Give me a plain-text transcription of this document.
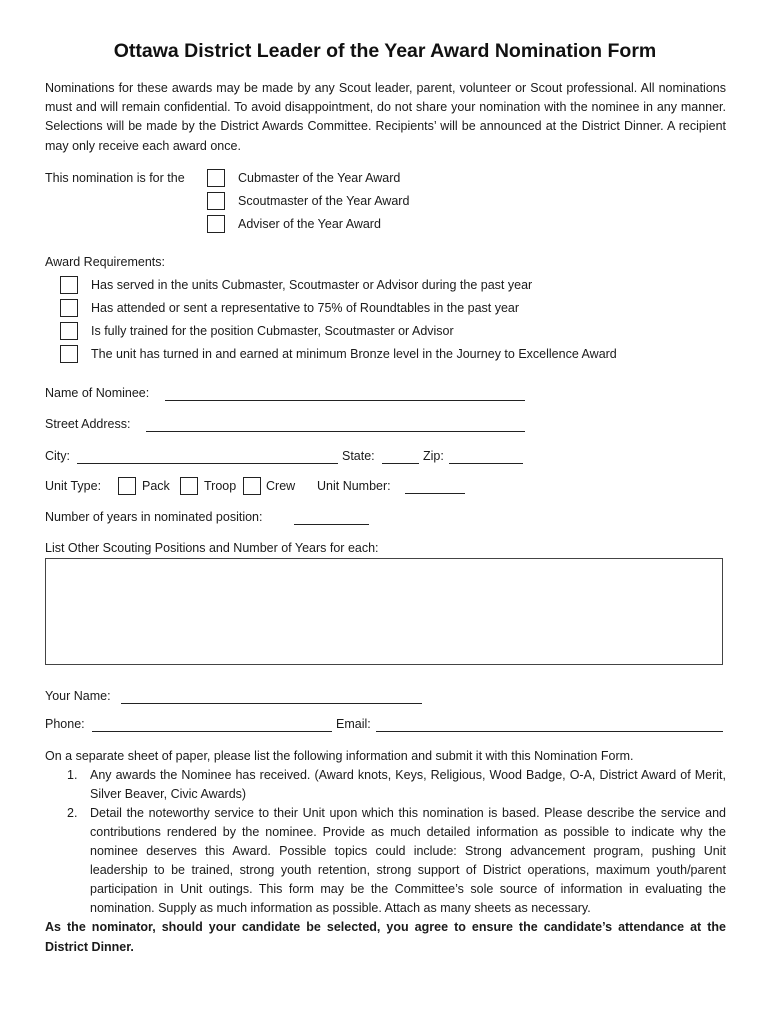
Ottawa District Leader of the Year Award Nomination Form
Nominations for these awards may be made by any Scout leader, parent, volunteer or Scout professional. All nominations must and will remain confidential. To avoid disappointment, do not share your nomination with the nominee in any manner. Selections will be made by the District Awards Committee. Recipients’ will be announced at the District Dinner. A recipient may only receive each award once.
This nomination is for the	Cubmaster of the Year Award
Scoutmaster of the Year Award
Adviser of the Year Award
Award Requirements:
Has served in the units Cubmaster, Scoutmaster or Advisor during the past year
Has attended or sent a representative to 75% of Roundtables in the past year
Is fully trained for the position Cubmaster, Scoutmaster or Advisor
The unit has turned in and earned at minimum Bronze level in the Journey to Excellence Award
Name of Nominee:
Street Address:
City:	State:	Zip:
Unit Type:	Pack	Troop Crew Unit Number:
Number of years in nominated position:
List Other Scouting Positions and Number of Years for each:
Your Name:
Phone:	Email:
On a separate sheet of paper, please list the following information and submit it with this Nomination Form.
1. Any awards the Nominee has received. (Award knots, Keys, Religious, Wood Badge, O-A, District Award of Merit, Silver Beaver, Civic Awards)
2. Detail the noteworthy service to their Unit upon which this nomination is based. Please describe the service and contributions rendered by the nominee. Provide as much detailed information as possible to indicate why the nominee deserves this Award. Possible topics could include: Strong advancement program, pushing Unit leadership to be trained, strong youth retention, strong support of District operations, maximum youth/parent participation in Unit outings. This form may be the Committee’s sole source of information in evaluating the nomination. Supply as much information as possible. Attach as many sheets as necessary.
As the nominator, should your candidate be selected, you agree to ensure the candidate’s attendance at the District Dinner.
